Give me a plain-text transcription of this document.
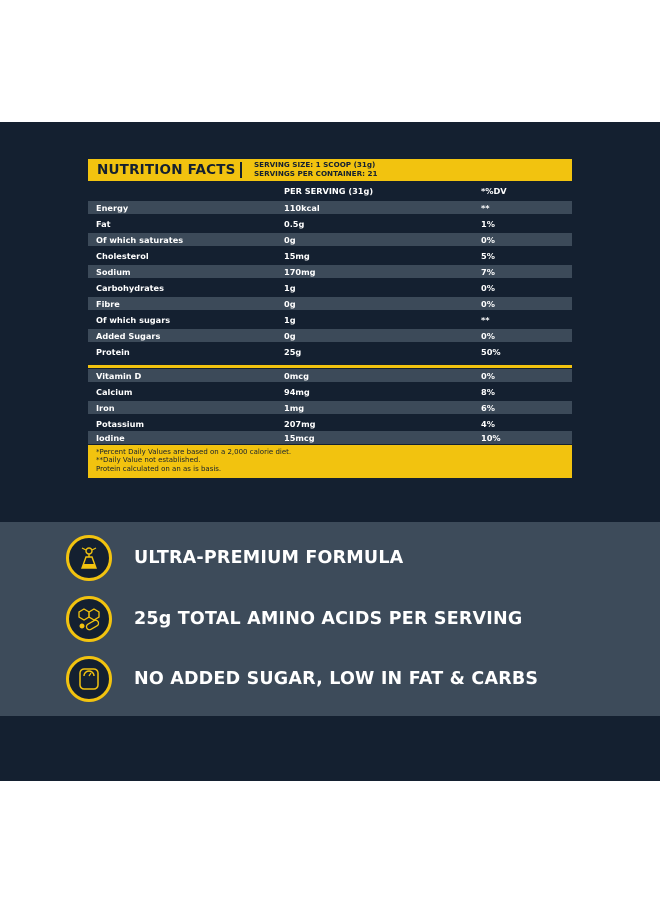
NUTRITION FACTS	SERVING SIZE: 1 SCOOP (31g)
SERVINGS PER CONTAINER: 21
PER SERVING (31g)	*%DV
Energy	110kcal	**
Fat	0.5g	1%
Of which saturates	0g	0%
Cholesterol	15mg	5%
Sodium	170mg	7%
Carbohydrates	1g	0%
Fibre	0g	0%
Of which sugars	1g	**
Added Sugars	0g	0%
Protein	25g	50%
Vitamin D	0mcg	0%
Calcium	94mg	8%
Iron	1mg	6%
Potassium	207mg	4%
Iodine	15mcg	10%
*Percent Daily Values are based on a 2,000 calorie diet.
**Daily Value not established.
Protein calculated on an as is basis.
ULTRA-PREMIUM FORMULA
25g TOTAL AMINO ACIDS PER SERVING
NO ADDED SUGAR, LOW IN FAT & CARBS
